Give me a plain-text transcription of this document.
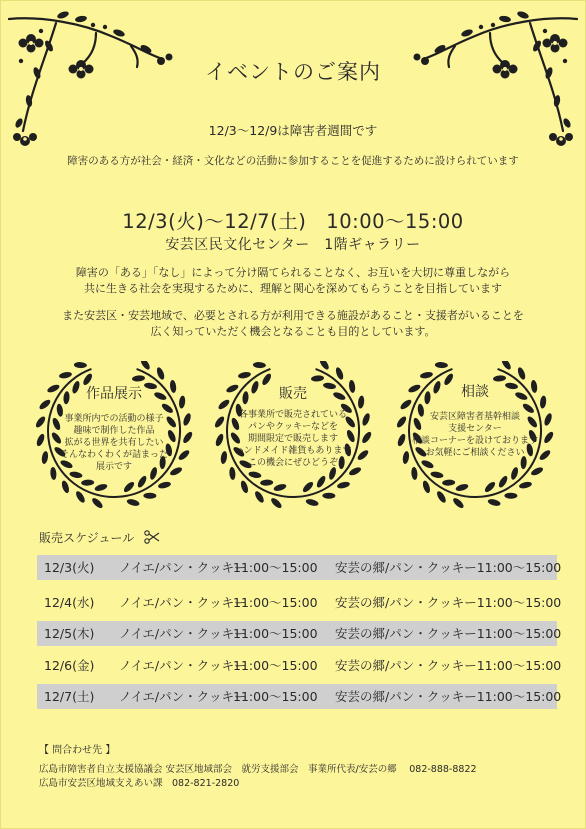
イベントのご案内
12/3～12/9は障害者週間です
障害のある方が社会・経済・文化などの活動に参加することを促進するために設けられています
12/3(火)～12/7(土)　10:00～15:00
安芸区民文化センター　1階ギャラリー
障害の「ある」「なし」によって分け隔てられることなく、お互いを大切に尊重しながら
共に生きる社会を実現するために、理解と関心を深めてもらうことを目指しています
また安芸区・安芸地域で、必要とされる方が利用できる施設があること・支援者がいることを
広く知っていただく機会となることも目的としています。
作品展示
事業所内での活動の様子
趣味で制作した作品
拡がる世界を共有したい
そんなわくわくが詰まった
展示です
販売
各事業所で販売されている
パンやクッキーなどを
期間限定で販売します
ハンドメイド雑貨もあります
この機会にぜひどうぞ
相談
安芸区障害者基幹相談
支援センター
相談コーナーを設けております
お気軽にご相談ください
販売スケジュール
12/3(火) ノイエ/パン・クッキー
11:00～15:00 安芸の郷/パン・クッキー11:00～15:00
12/4(水) ノイエ/パン・クッキー
11:00～15:00 安芸の郷/パン・クッキー11:00～15:00
12/5(木) ノイエ/パン・クッキー
11:00～15:00 安芸の郷/パン・クッキー11:00～15:00
12/6(金) ノイエ/パン・クッキー
11:00～15:00 安芸の郷/パン・クッキー11:00～15:00
12/7(土) ノイエ/パン・クッキー
11:00～15:00 安芸の郷/パン・クッキー11:00～15:00
【 問合わせ先 】
広島市障害者自立支援協議会 安芸区地域部会　就労支援部会　事業所代表/安芸の郷　 082-888-8822
広島市安芸区地域支えあい課　082-821-2820
